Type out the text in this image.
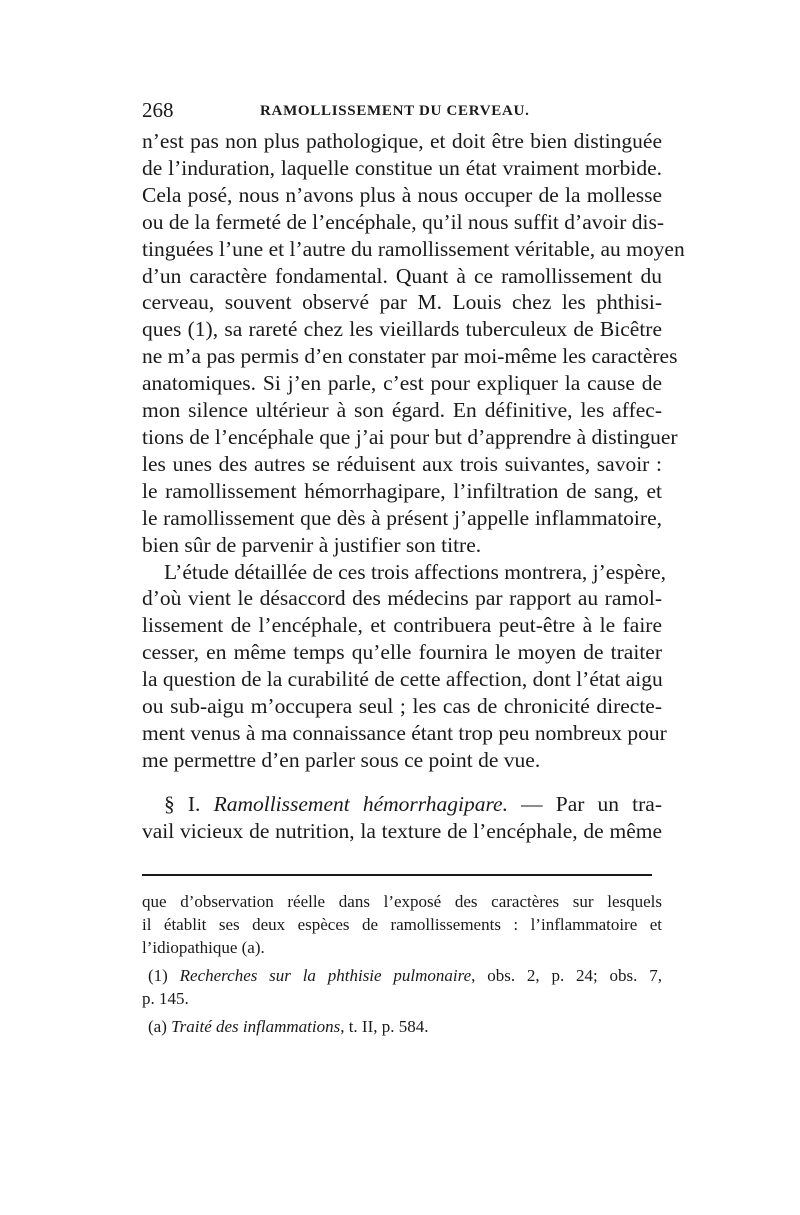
268	RAMOLLISSEMENT DU CERVEAU.
n’est pas non plus pathologique, et doit être bien distinguée
de l’induration, laquelle constitue un état vraiment morbide.
Cela posé, nous n’avons plus à nous occuper de la mollesse
ou de la fermeté de l’encéphale, qu’il nous suffit d’avoir dis-
tinguées l’une et l’autre du ramollissement véritable, au moyen
d’un caractère fondamental. Quant à ce ramollissement du
cerveau, souvent observé par M. Louis chez les phthisi-
ques (1), sa rareté chez les vieillards tuberculeux de Bicêtre
ne m’a pas permis d’en constater par moi-même les caractères
anatomiques. Si j’en parle, c’est pour expliquer la cause de
mon silence ultérieur à son égard. En définitive, les affec-
tions de l’encéphale que j’ai pour but d’apprendre à distinguer
les unes des autres se réduisent aux trois suivantes, savoir :
le ramollissement hémorrhagipare, l’infiltration de sang, et
le ramollissement que dès à présent j’appelle inflammatoire,
bien sûr de parvenir à justifier son titre.
L’étude détaillée de ces trois affections montrera, j’espère,
d’où vient le désaccord des médecins par rapport au ramol-
lissement de l’encéphale, et contribuera peut-être à le faire
cesser, en même temps qu’elle fournira le moyen de traiter
la question de la curabilité de cette affection, dont l’état aigu
ou sub-aigu m’occupera seul ; les cas de chronicité directe-
ment venus à ma connaissance étant trop peu nombreux pour
me permettre d’en parler sous ce point de vue.
§ I. Ramollissement hémorrhagipare. — Par un tra-
vail vicieux de nutrition, la texture de l’encéphale, de même
que d’observation réelle dans l’exposé des caractères sur lesquels
il établit ses deux espèces de ramollissements : l’inflammatoire et
l’idiopathique (a).
(1) Recherches sur la phthisie pulmonaire, obs. 2, p. 24; obs. 7,
p. 145.
(a) Traité des inflammations, t. II, p. 584.
